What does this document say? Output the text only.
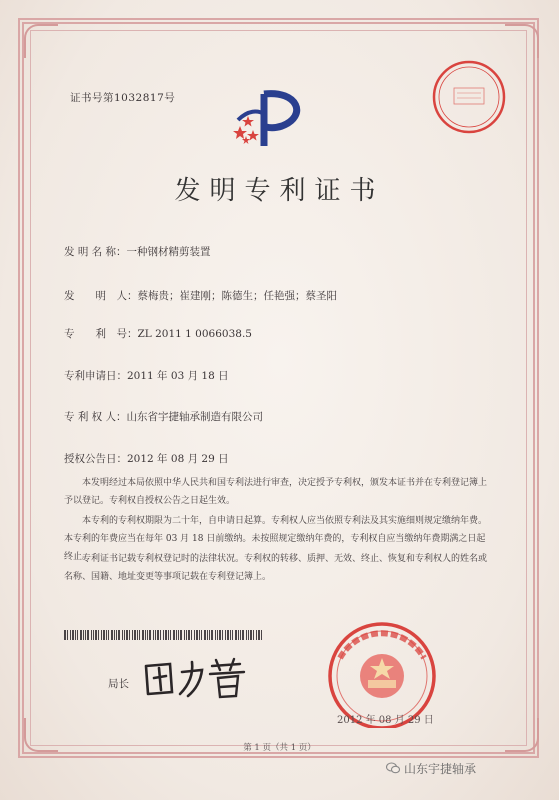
证书号第1032817号
发明专利证书
发 明 名 称：一种钢材精剪装置
发　　明　人：蔡梅贵；崔建刚；陈德生；任艳强；蔡圣阳
专　　利　号：ZL 2011 1 0066038.5
专利申请日：2011 年 03 月 18 日
专 利 权 人：山东省宇捷轴承制造有限公司
授权公告日：2012 年 08 月 29 日
本发明经过本局依照中华人民共和国专利法进行审查，决定授予专利权，颁发本证书并在专利登记簿上予以登记。专利权自授权公告之日起生效。
本专利的专利权期限为二十年，自申请日起算。专利权人应当依照专利法及其实施细则规定缴纳年费。本专利的年费应当在每年 03 月 18 日前缴纳。未按照规定缴纳年费的，专利权自应当缴纳年费期满之日起终止。
专利证书记载专利权登记时的法律状况。专利权的转移、质押、无效、终止、恢复和专利权人的姓名或名称、国籍、地址变更等事项记载在专利登记簿上。
局长
2012 年 08 月 29 日
第 1 页（共 1 页）
山东宇捷轴承
